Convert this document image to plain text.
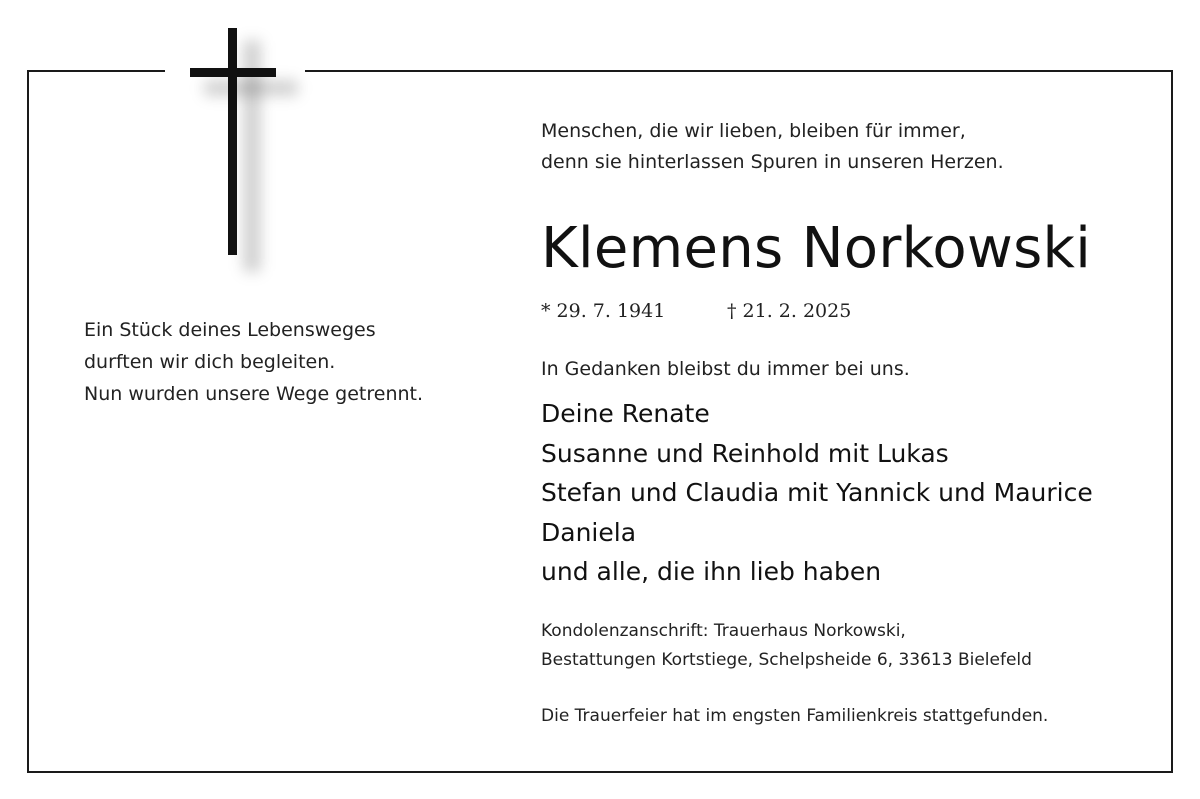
Ein Stück deines Lebensweges
durften wir dich begleiten.
Nun wurden unsere Wege getrennt.
Menschen, die wir lieben, bleiben für immer,
denn sie hinterlassen Spuren in unseren Herzen.
Klemens Norkowski
* 29. 7. 1941	† 21. 2. 2025
In Gedanken bleibst du immer bei uns.
Deine Renate
Susanne und Reinhold mit Lukas
Stefan und Claudia mit Yannick und Maurice
Daniela
und alle, die ihn lieb haben
Kondolenzanschrift: Trauerhaus Norkowski,
Bestattungen Kortstiege, Schelpsheide 6, 33613 Bielefeld
Die Trauerfeier hat im engsten Familienkreis stattgefunden.
